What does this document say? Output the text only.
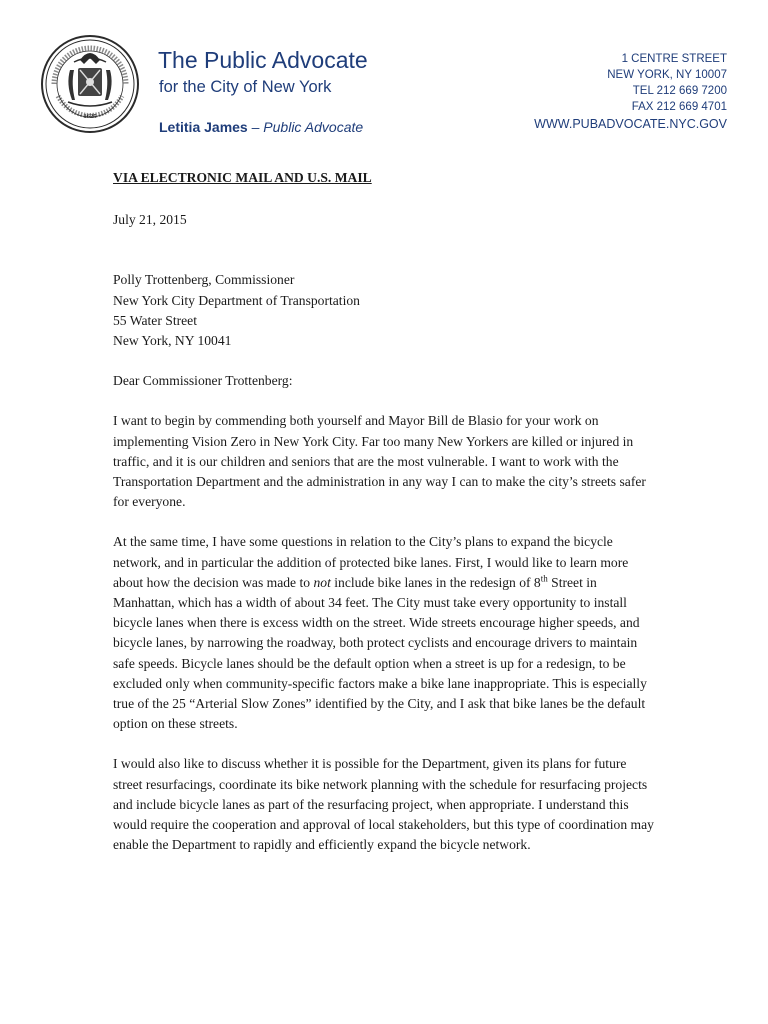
1625
The Public Advocate
for the City of New York
Letitia James – Public Advocate
1 CENTRE STREET
NEW YORK, NY 10007
TEL 212 669 7200
FAX 212 669 4701
WWW.PUBADVOCATE.NYC.GOV

VIA ELECTRONIC MAIL AND U.S. MAIL

July 21, 2015

Polly Trottenberg, Commissioner
New York City Department of Transportation
55 Water Street
New York, NY 10041

Dear Commissioner Trottenberg:

I want to begin by commending both yourself and Mayor Bill de Blasio for your work on implementing Vision Zero in New York City. Far too many New Yorkers are killed or injured in traffic, and it is our children and seniors that are the most vulnerable. I want to work with the Transportation Department and the administration in any way I can to make the city’s streets safer for everyone.

At the same time, I have some questions in relation to the City’s plans to expand the bicycle network, and in particular the addition of protected bike lanes. First, I would like to learn more about how the decision was made to not include bike lanes in the redesign of 8th Street in Manhattan, which has a width of about 34 feet. The City must take every opportunity to install bicycle lanes when there is excess width on the street. Wide streets encourage higher speeds, and bicycle lanes, by narrowing the roadway, both protect cyclists and encourage drivers to maintain safe speeds. Bicycle lanes should be the default option when a street is up for a redesign, to be excluded only when community-specific factors make a bike lane inappropriate. This is especially true of the 25 “Arterial Slow Zones” identified by the City, and I ask that bike lanes be the default option on these streets.

I would also like to discuss whether it is possible for the Department, given its plans for future street resurfacings, coordinate its bike network planning with the schedule for resurfacing projects and include bicycle lanes as part of the resurfacing project, when appropriate. I understand this would require the cooperation and approval of local stakeholders, but this type of coordination may enable the Department to rapidly and efficiently expand the bicycle network.
